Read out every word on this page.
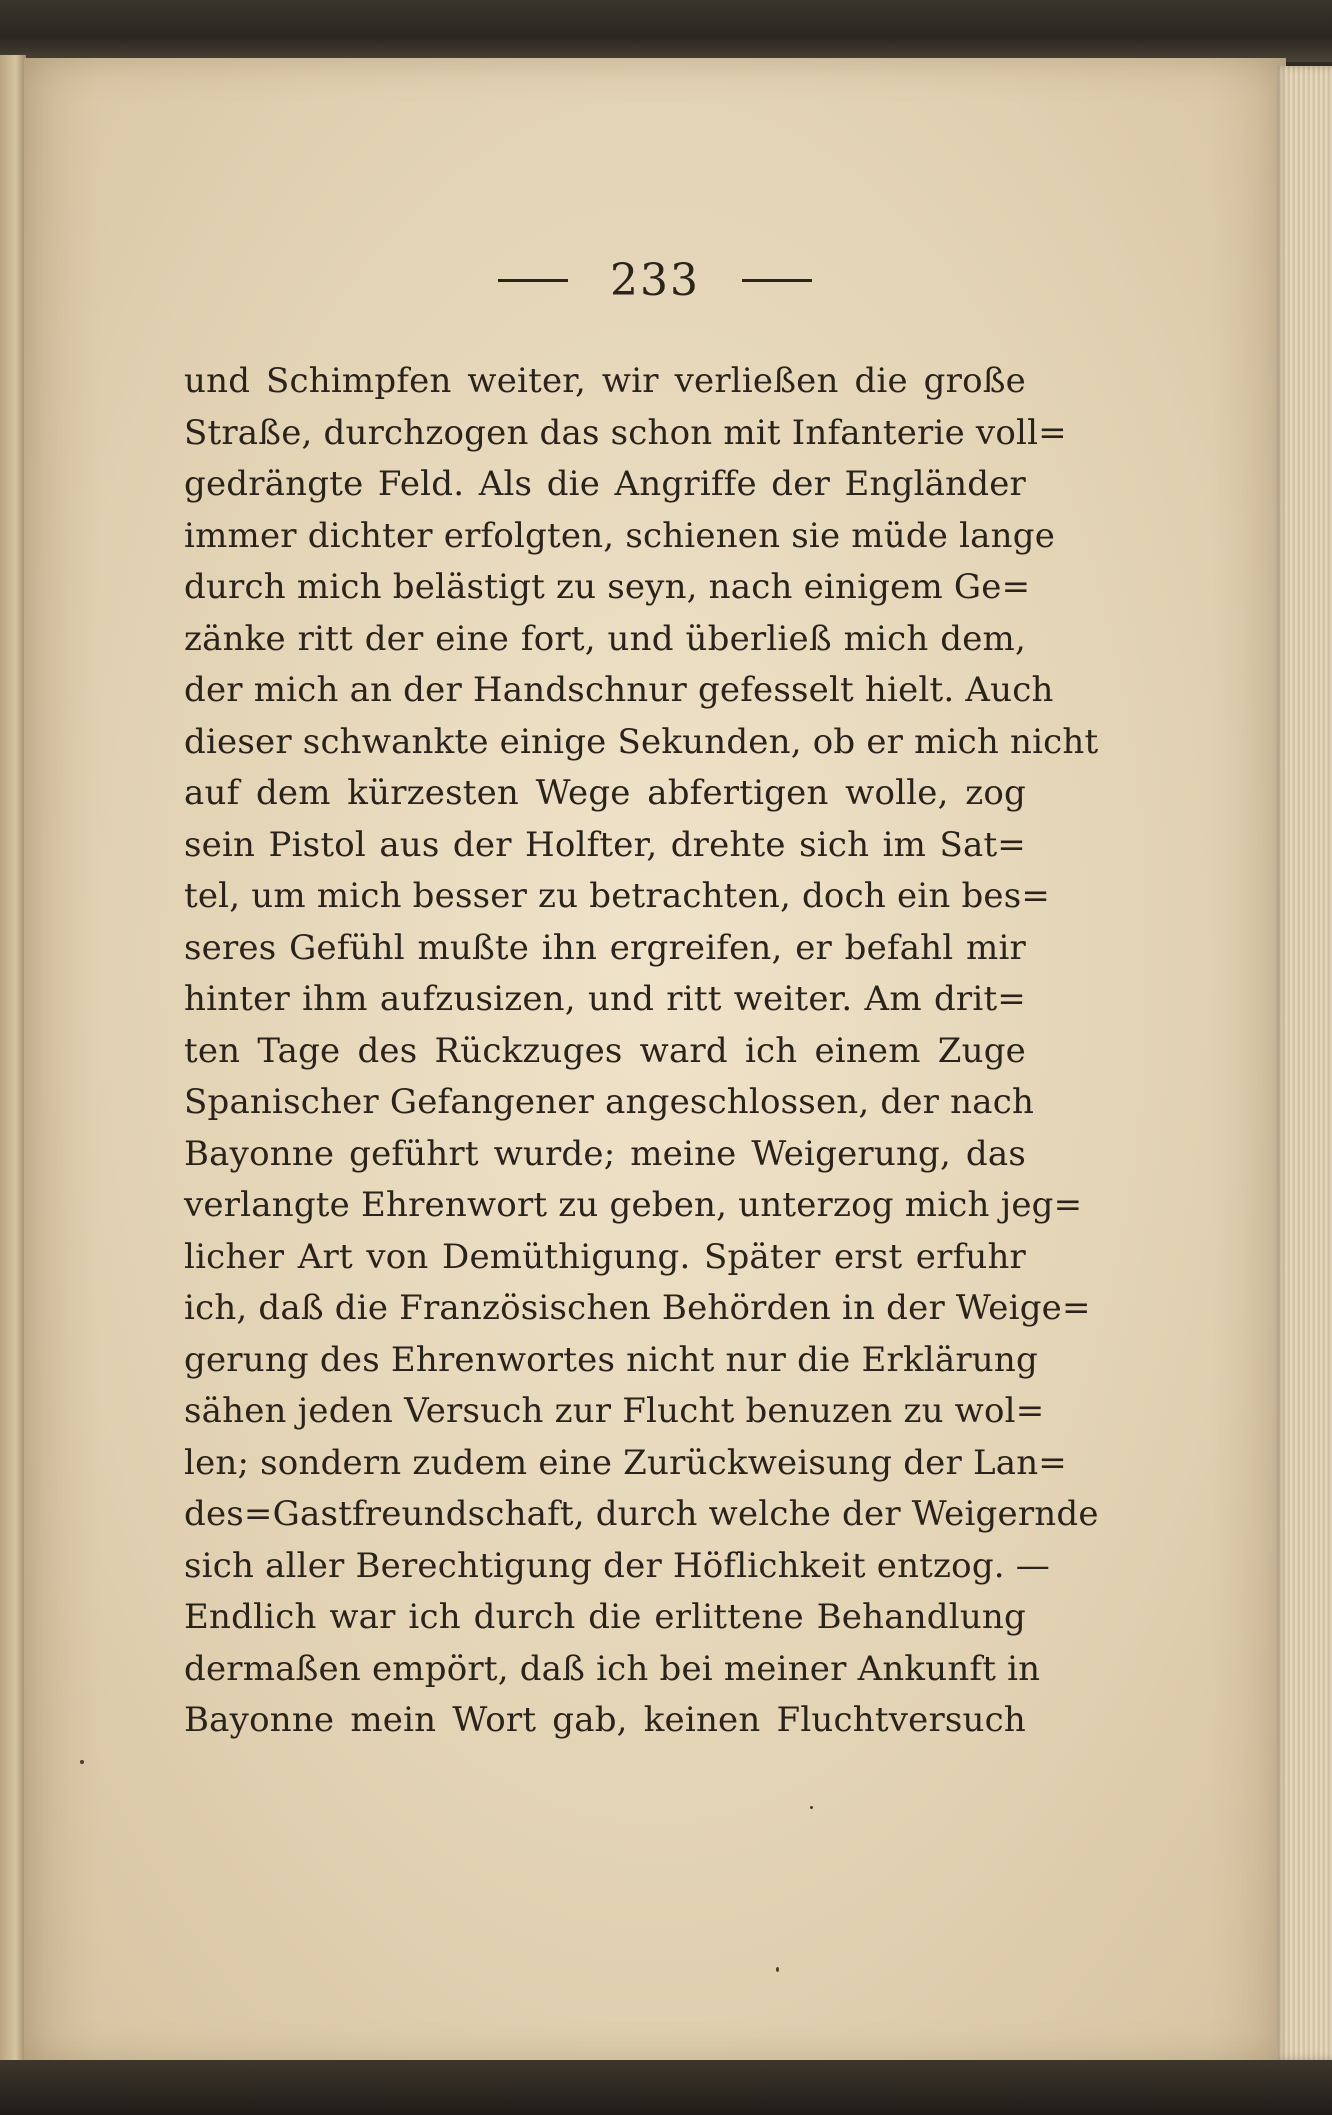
233
und Schimpfen weiter, wir verließen die große
Straße, durchzogen das schon mit Infanterie voll=
gedrängte Feld. Als die Angriffe der Engländer
immer dichter erfolgten, schienen sie müde lange
durch mich belästigt zu seyn, nach einigem Ge=
zänke ritt der eine fort, und überließ mich dem,
der mich an der Handschnur gefesselt hielt. Auch
dieser schwankte einige Sekunden, ob er mich nicht
auf dem kürzesten Wege abfertigen wolle, zog
sein Pistol aus der Holfter, drehte sich im Sat=
tel, um mich besser zu betrachten, doch ein bes=
seres Gefühl mußte ihn ergreifen, er befahl mir
hinter ihm aufzusizen, und ritt weiter. Am drit=
ten Tage des Rückzuges ward ich einem Zuge
Spanischer Gefangener angeschlossen, der nach
Bayonne geführt wurde; meine Weigerung, das
verlangte Ehrenwort zu geben, unterzog mich jeg=
licher Art von Demüthigung. Später erst erfuhr
ich, daß die Französischen Behörden in der Weige=
gerung des Ehrenwortes nicht nur die Erklärung
sähen jeden Versuch zur Flucht benuzen zu wol=
len; sondern zudem eine Zurückweisung der Lan=
des=Gastfreundschaft, durch welche der Weigernde
sich aller Berechtigung der Höflichkeit entzog. —
Endlich war ich durch die erlittene Behandlung
dermaßen empört, daß ich bei meiner Ankunft in
Bayonne mein Wort gab, keinen Fluchtversuch
